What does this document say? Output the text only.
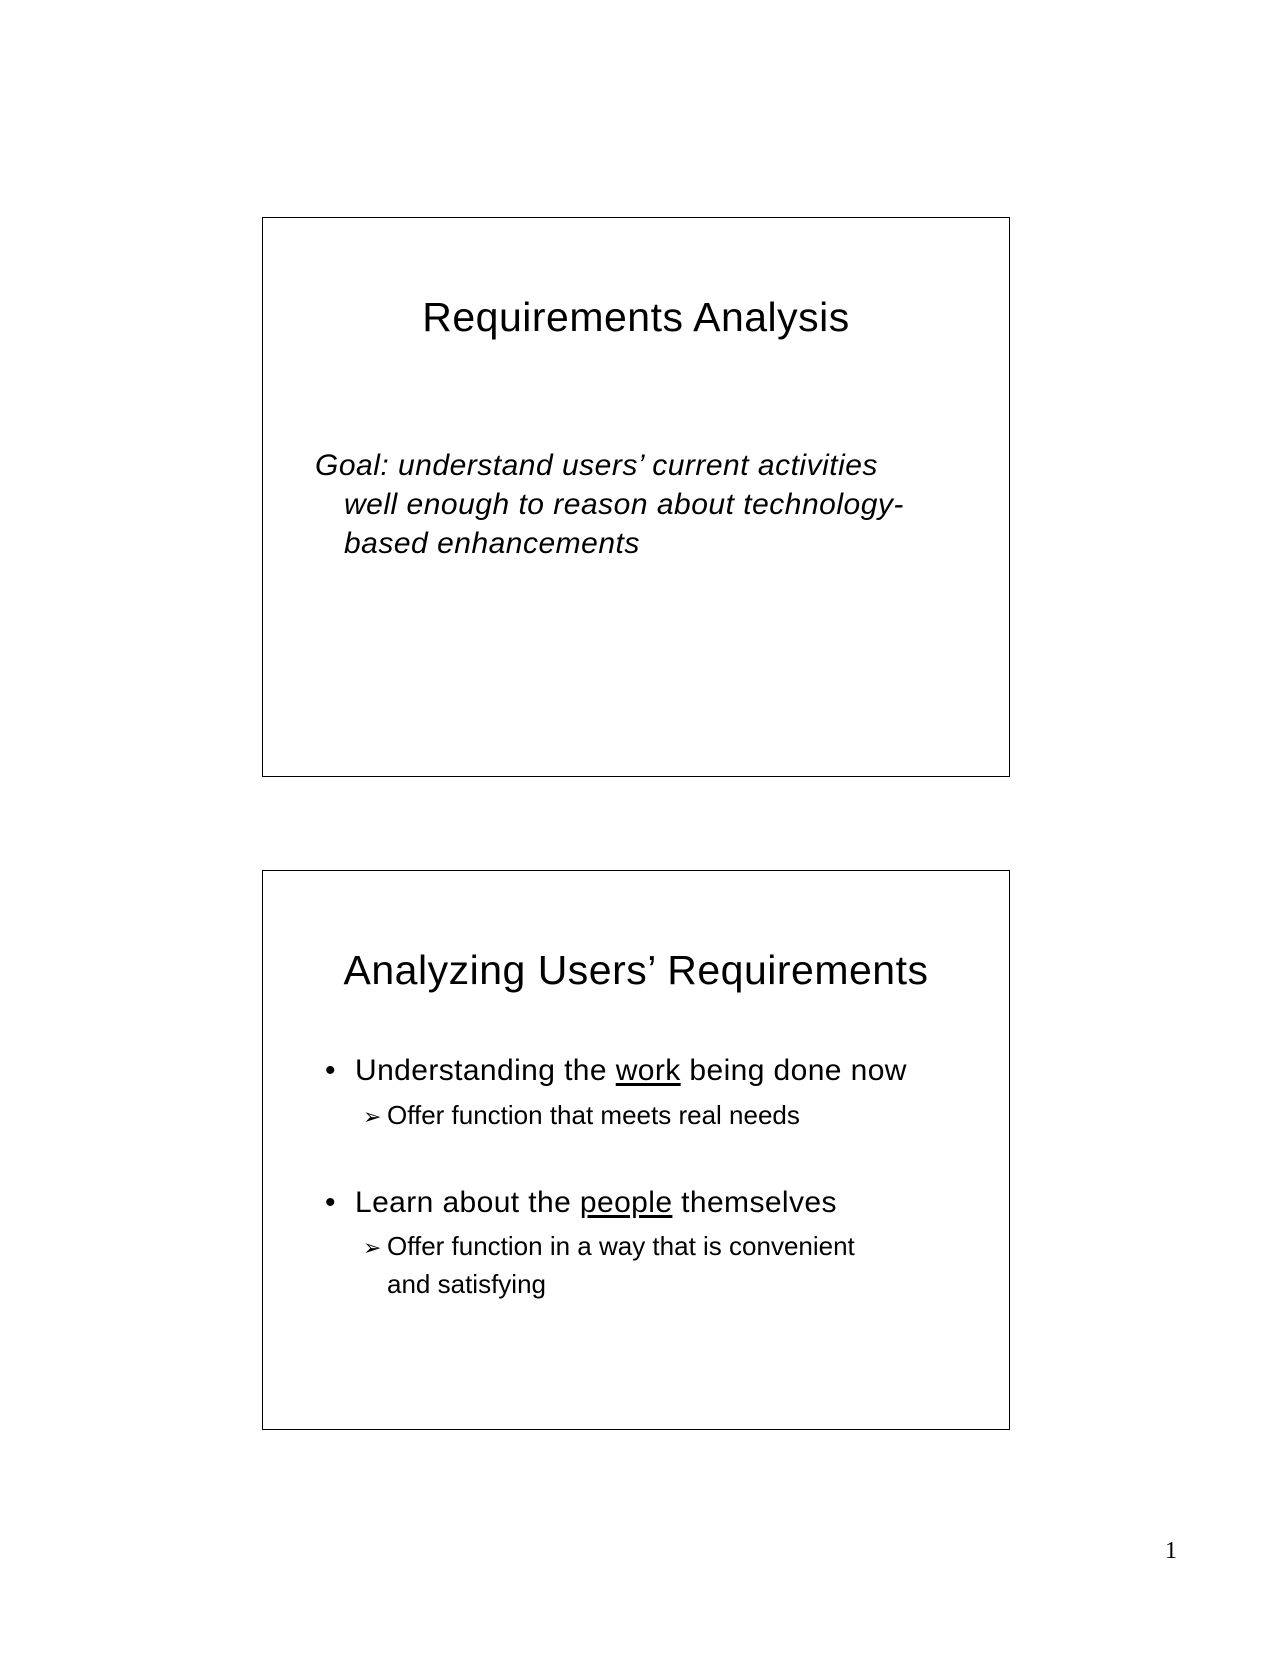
Requirements Analysis
Goal: understand users’ current activities
well enough to reason about technology-
based enhancements
Analyzing Users’ Requirements
• Understanding the work being done now
➢ Offer function that meets real needs
• Learn about the people themselves
➢ Offer function in a way that is convenient
and satisfying
1
